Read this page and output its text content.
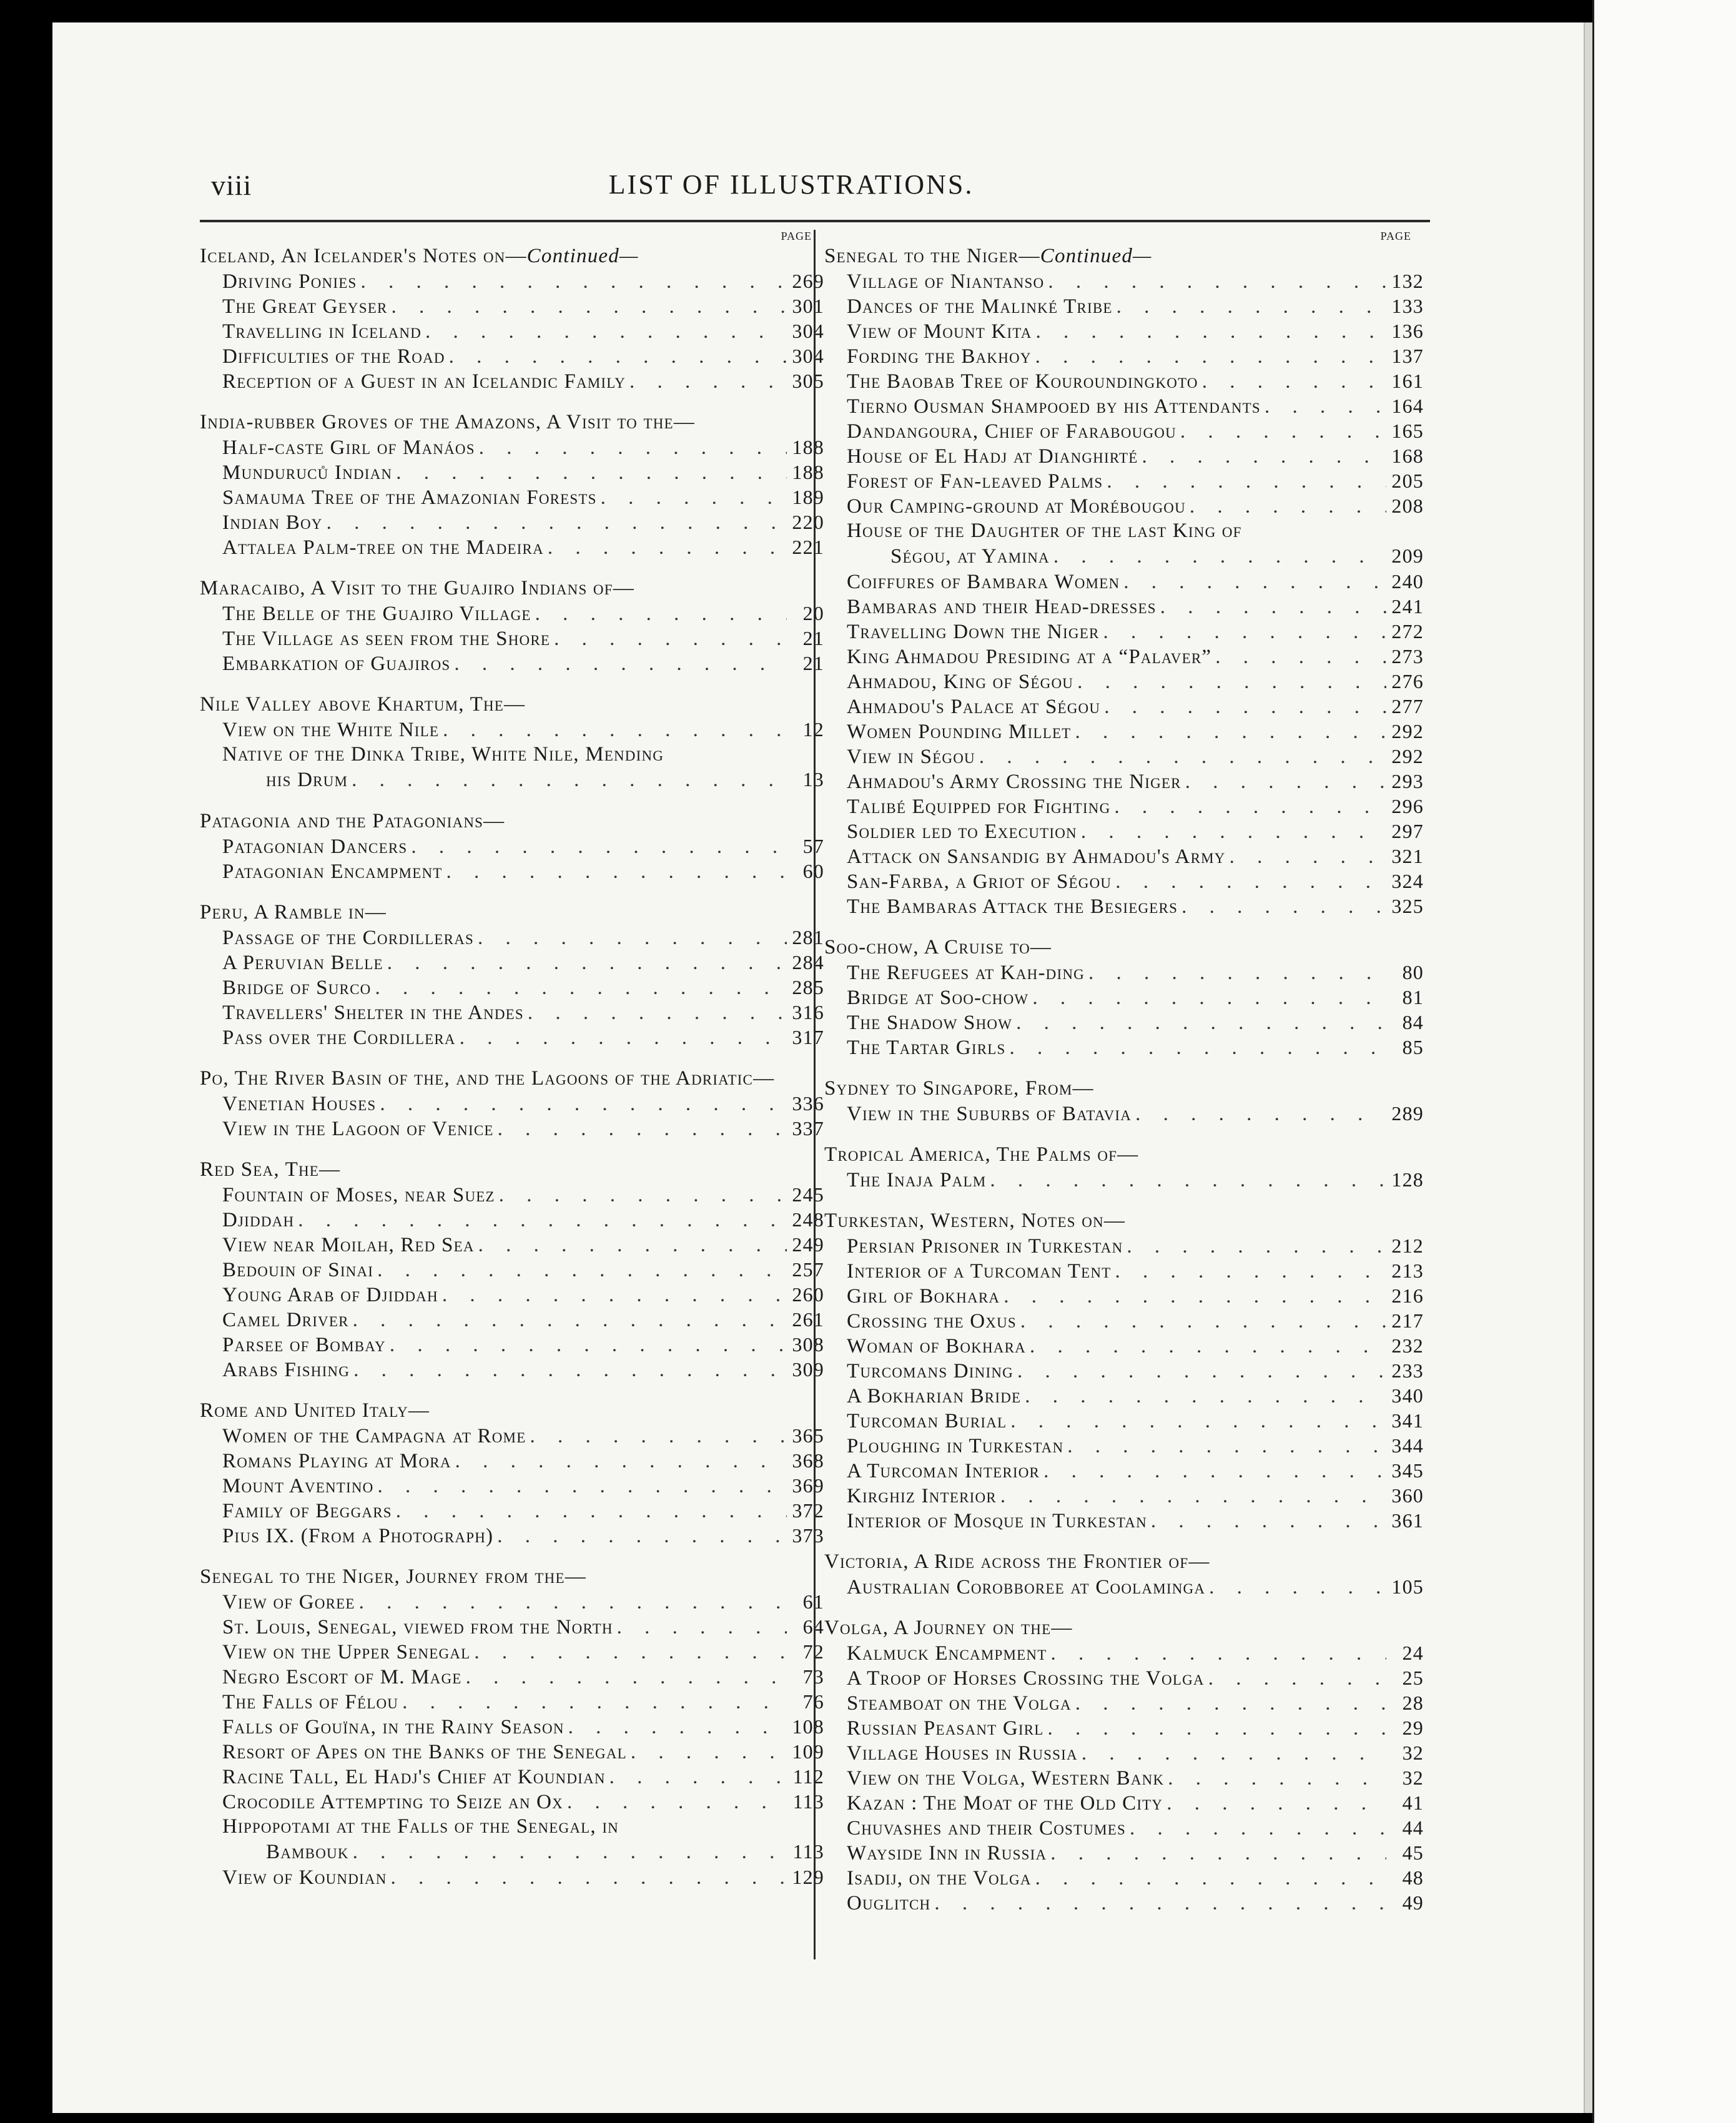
viii	LIST OF ILLUSTRATIONS.
PAGE
Iceland, An Icelander's Notes on—Continued—
Driving Ponies . . .	269
The Great Geyser . . .	301
Travelling in Iceland . . .	304
Difficulties of the Road . . .	304
Reception of a Guest in an Icelandic Family . . .	305
India-rubber Groves of the Amazons, A Visit to the—
Half-caste Girl of Manáos . . .	188
Munduruců Indian . . .	188
Samauma Tree of the Amazonian Forests . . .	189
Indian Boy . . .	220
Attalea Palm-tree on the Madeira . . .	221
Maracaibo, A Visit to the Guajiro Indians of—
The Belle of the Guajiro Village . . .	20
The Village as seen from the Shore . . .	21
Embarkation of Guajiros . . .	21
Nile Valley above Khartum, The—
View on the White Nile . . .	12
Native of the Dinka Tribe, White Nile, Mending
his Drum . . .	13
Patagonia and the Patagonians—
Patagonian Dancers . . .	57
Patagonian Encampment . . .	60
Peru, A Ramble in—
Passage of the Cordilleras . . .	281
A Peruvian Belle . . .	284
Bridge of Surco . . .	285
Travellers' Shelter in the Andes . . .	316
Pass over the Cordillera . . .	317
Po, The River Basin of the, and the Lagoons of the Adriatic—
Venetian Houses . . .	336
View in the Lagoon of Venice . . .	337
Red Sea, The—
Fountain of Moses, near Suez . . .	245
Djiddah . . .	248
View near Moilah, Red Sea . . .	249
Bedouin of Sinai . . .	257
Young Arab of Djiddah . . .	260
Camel Driver . . .	261
Parsee of Bombay . . .	308
Arabs Fishing . . .	309
Rome and United Italy—
Women of the Campagna at Rome . . .	365
Romans Playing at Mora . . .	368
Mount Aventino . . .	369
Family of Beggars . . .	372
Pius IX. (From a Photograph) . . .	373
Senegal to the Niger, Journey from the—
View of Goree . . .	61
St. Louis, Senegal, viewed from the North . . .	64
View on the Upper Senegal . . .	72
Negro Escort of M. Mage . . .	73
The Falls of Félou . . .	76
Falls of Gouïna, in the Rainy Season . . .	108
Resort of Apes on the Banks of the Senegal . . .	109
Racine Tall, El Hadj's Chief at Koundian . . .	112
Crocodile Attempting to Seize an Ox . . .	113
Hippopotami at the Falls of the Senegal, in
Bambouk . . .	113
View of Koundian . . .	129
PAGE
Senegal to the Niger—Continued—
Village of Niantanso . . .	132
Dances of the Malinké Tribe . . .	133
View of Mount Kita . . .	136
Fording the Bakhoy . . .	137
The Baobab Tree of Kouroundingkoto . . .	161
Tierno Ousman Shampooed by his Attendants . . .	164
Dandangoura, Chief of Farabougou . . .	165
House of El Hadj at Dianghirté . . .	168
Forest of Fan-leaved Palms . . .	205
Our Camping-ground at Morébougou . . .	208
House of the Daughter of the last King of
Ségou, at Yamina . . .	209
Coiffures of Bambara Women . . .	240
Bambaras and their Head-dresses . . .	241
Travelling Down the Niger . . .	272
King Ahmadou Presiding at a “Palaver” . . .	273
Ahmadou, King of Ségou . . .	276
Ahmadou's Palace at Ségou . . .	277
Women Pounding Millet . . .	292
View in Ségou . . .	292
Ahmadou's Army Crossing the Niger . . .	293
Talibé Equipped for Fighting . . .	296
Soldier led to Execution . . .	297
Attack on Sansandig by Ahmadou's Army . . .	321
San-Farba, a Griot of Ségou . . .	324
The Bambaras Attack the Besiegers . . .	325
Soo-chow, A Cruise to—
The Refugees at Kah-ding . . .	80
Bridge at Soo-chow . . .	81
The Shadow Show . . .	84
The Tartar Girls . . .	85
Sydney to Singapore, From—
View in the Suburbs of Batavia . . .	289
Tropical America, The Palms of—
The Inaja Palm . . .	128
Turkestan, Western, Notes on—
Persian Prisoner in Turkestan . . .	212
Interior of a Turcoman Tent . . .	213
Girl of Bokhara . . .	216
Crossing the Oxus . . .	217
Woman of Bokhara . . .	232
Turcomans Dining . . .	233
A Bokharian Bride . . .	340
Turcoman Burial . . .	341
Ploughing in Turkestan . . .	344
A Turcoman Interior . . .	345
Kirghiz Interior . . .	360
Interior of Mosque in Turkestan . . .	361
Victoria, A Ride across the Frontier of—
Australian Corobboree at Coolaminga . . .	105
Volga, A Journey on the—
Kalmuck Encampment . . .	24
A Troop of Horses Crossing the Volga . . .	25
Steamboat on the Volga . . .	28
Russian Peasant Girl . . .	29
Village Houses in Russia . . .	32
View on the Volga, Western Bank . . .	32
Kazan : The Moat of the Old City . . .	41
Chuvashes and their Costumes . . .	44
Wayside Inn in Russia . . .	45
Isadij, on the Volga . . .	48
Ouglitch . . .	49
